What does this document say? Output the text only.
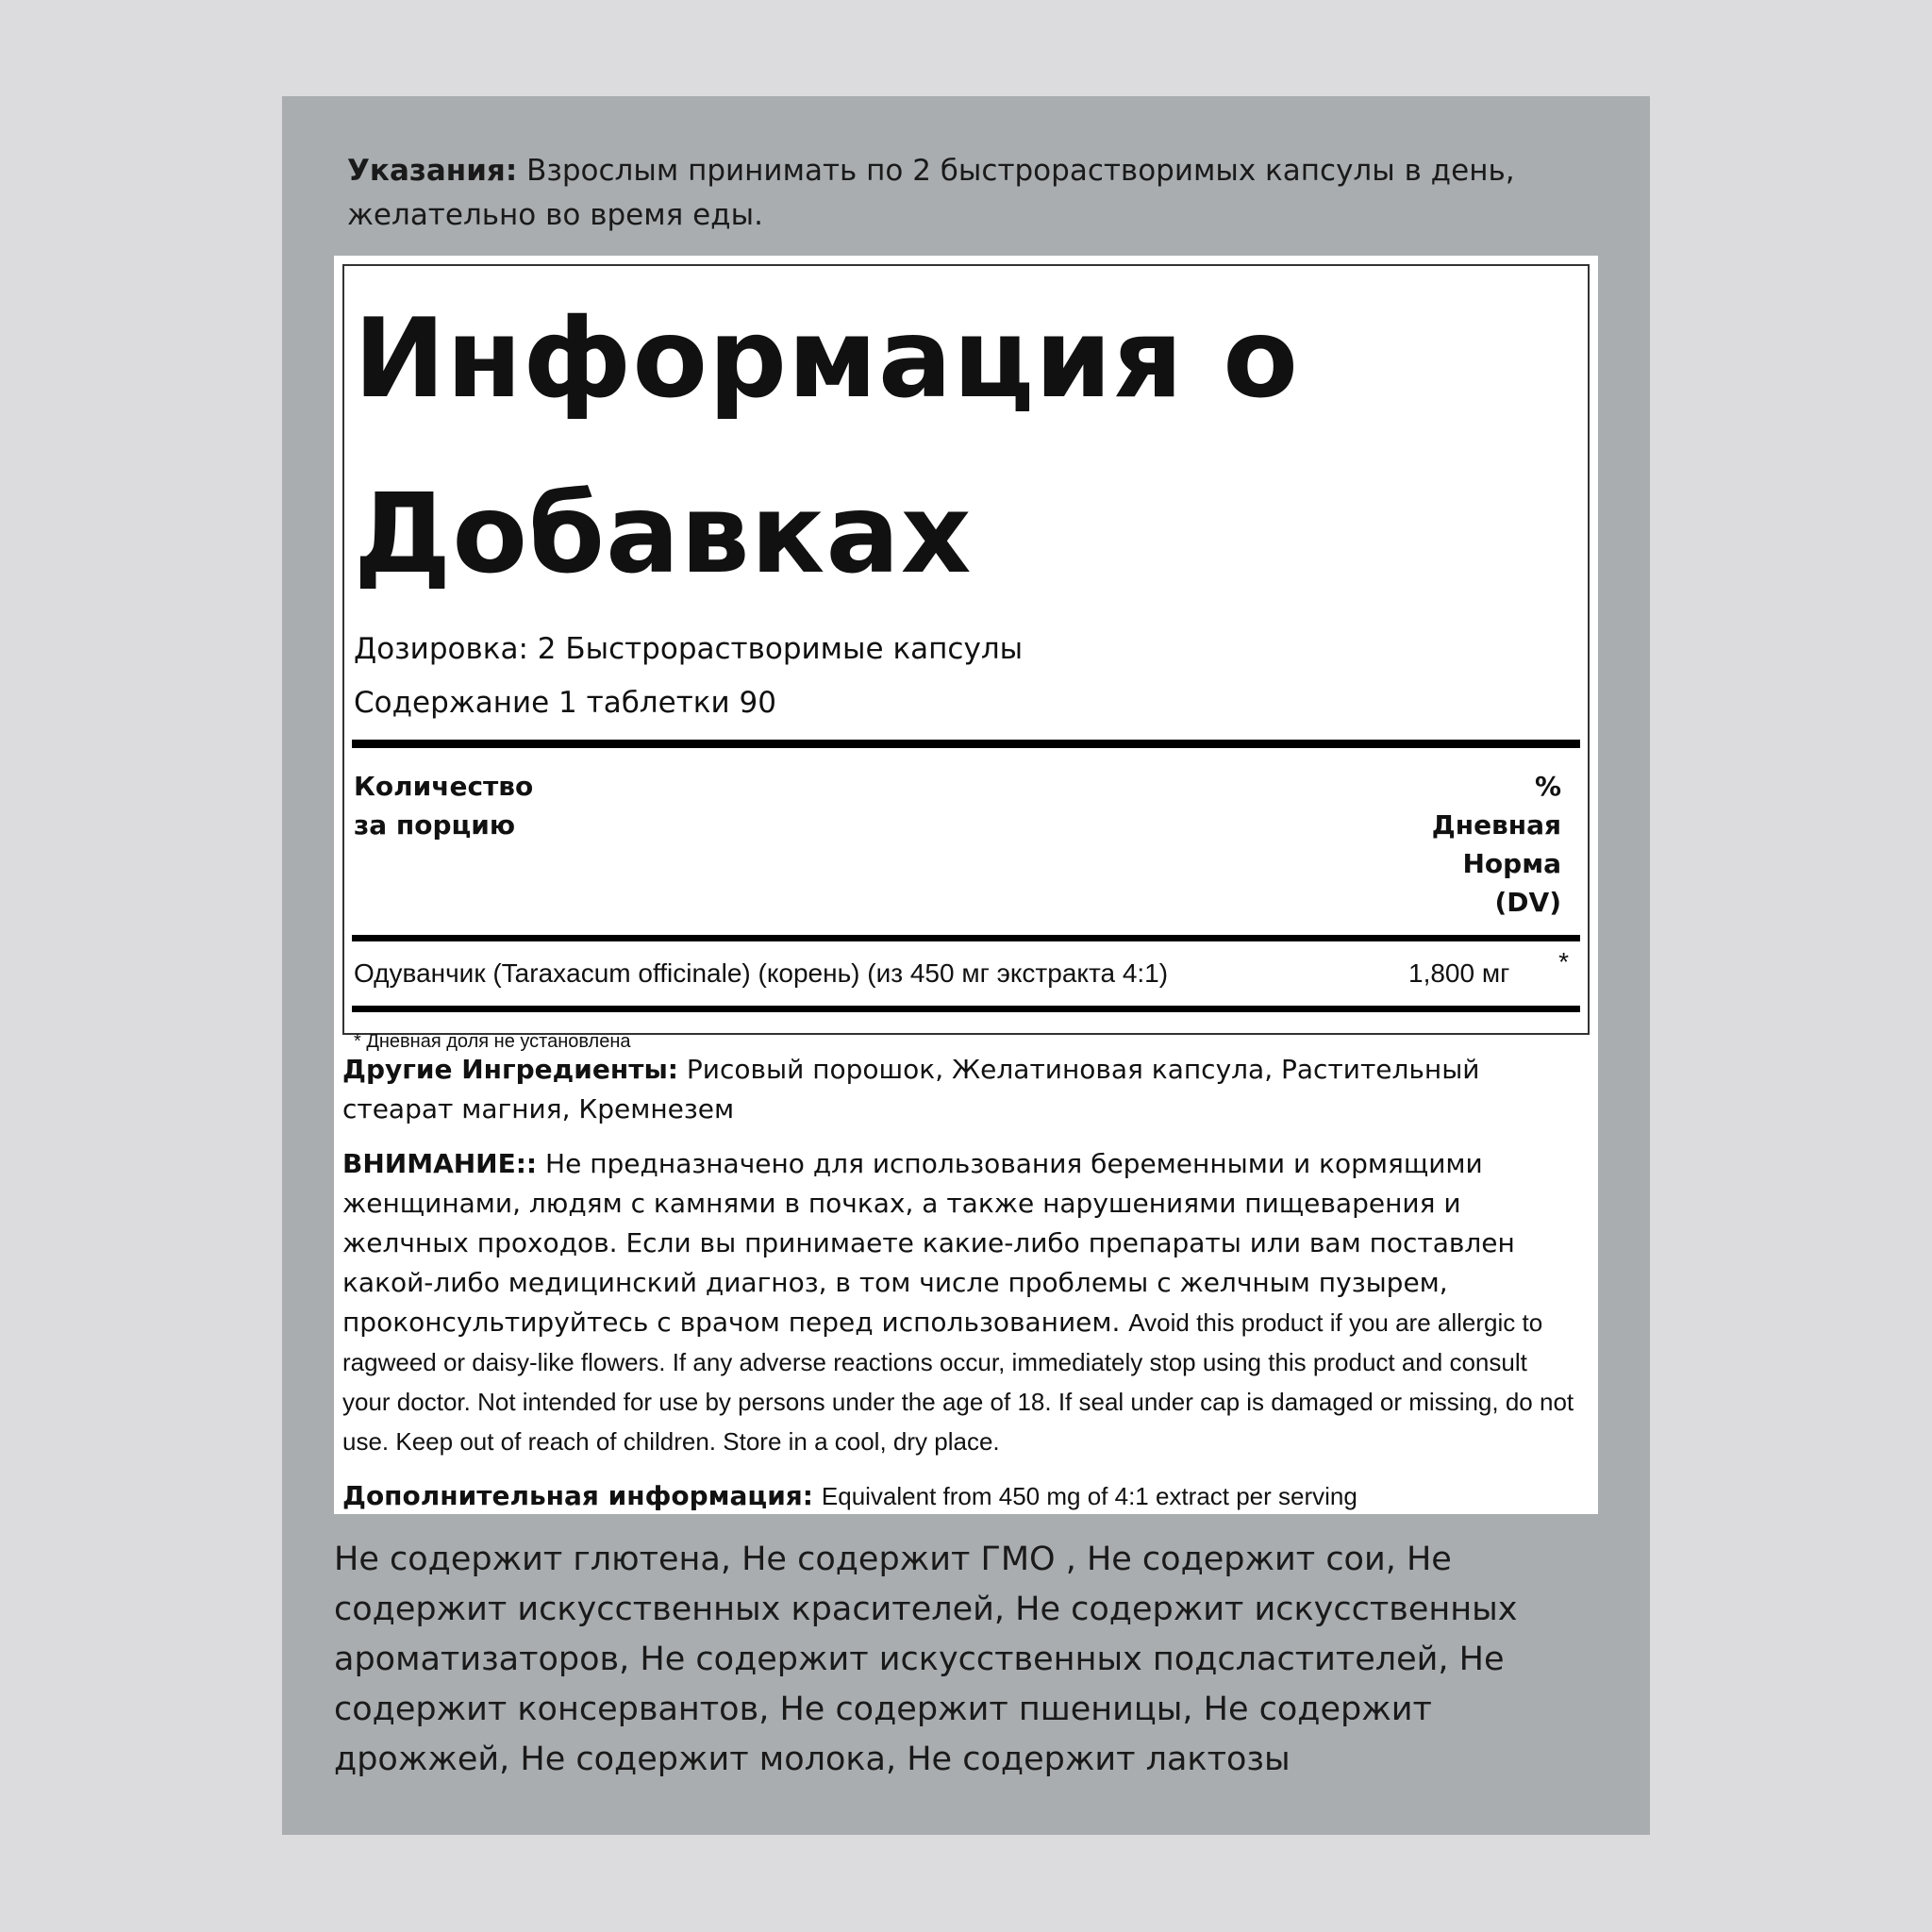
Указания: Взрослым принимать по 2 быстрорастворимых капсулы в день, желательно во время еды.
Информация о Добавках
Дозировка: 2 Быстрорастворимые капсулы
Содержание 1 таблетки 90
Количество за порцию
% Дневная Норма (DV)
Одуванчик (Taraxacum officinale) (корень) (из 450 мг экстракта 4:1)	1,800 мг	*
* Дневная доля не установлена

Другие Ингредиенты: Рисовый порошок, Желатиновая капсула, Растительный стеарат магния, Кремнезем

ВНИМАНИЕ:: Не предназначено для использования беременными и кормящими женщинами, людям с камнями в почках, а также нарушениями пищеварения и желчных проходов. Если вы принимаете какие-либо препараты или вам поставлен какой-либо медицинский диагноз, в том числе проблемы с желчным пузырем, проконсультируйтесь с врачом перед использованием. Avoid this product if you are allergic to ragweed or daisy-like flowers. If any adverse reactions occur, immediately stop using this product and consult your doctor. Not intended for use by persons under the age of 18. If seal under cap is damaged or missing, do not use. Keep out of reach of children. Store in a cool, dry place.

Дополнительная информация: Equivalent from 450 mg of 4:1 extract per serving

Не содержит глютена, Не содержит ГМО , Не содержит сои, Не содержит искусственных красителей, Не содержит искусственных ароматизаторов, Не содержит искусственных подсластителей, Не содержит консервантов, Не содержит пшеницы, Не содержит дрожжей, Не содержит молока, Не содержит лактозы
